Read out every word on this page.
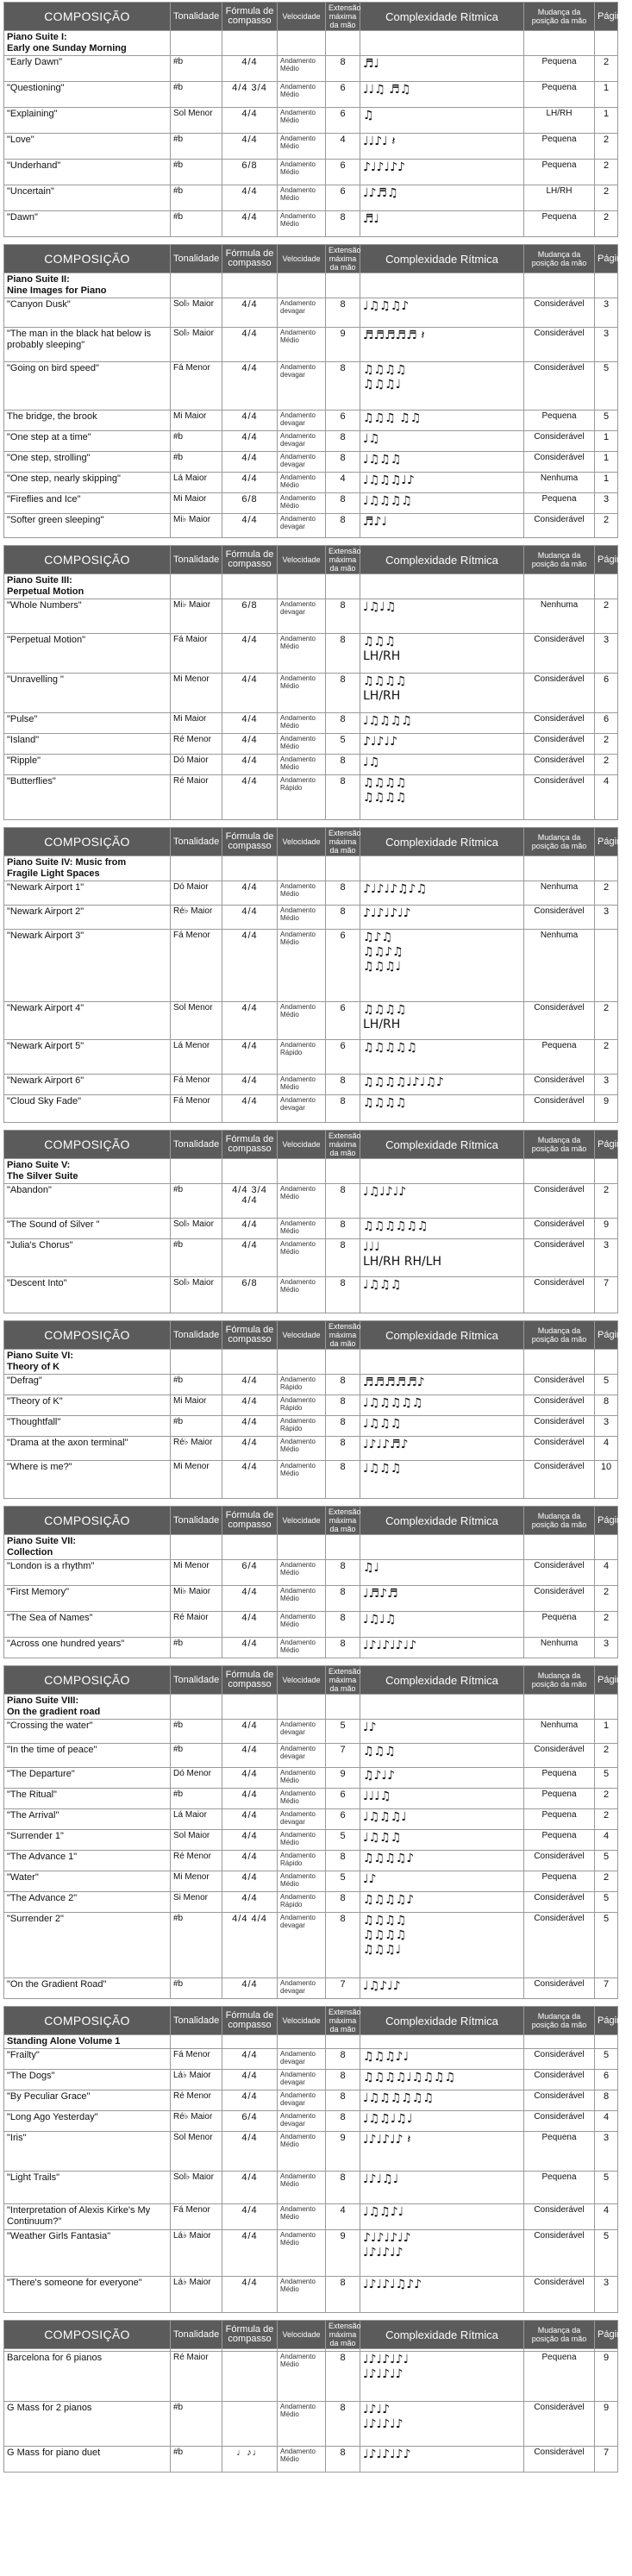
COMPOSIÇÃO	Tonalidade	Fórmula de compasso	Velocidade	Extensão máxima da mão	Complexidade Rítmica	Mudança da posição da mão	Páginas
Piano Suite I:
Early one Sunday Morning							
"Early Dawn"	#b	4/4	Andamento Médio	8	♬♩	Pequena	2
"Questioning"	#b	4/4 3/4	Andamento Médio	6	♩♩♫ ♬♫	Pequena	1
"Explaining"	Sol Menor	4/4	Andamento Médio	6	♫	LH/RH	1
"Love"	#b	4/4	Andamento Médio	4	♩♩♪♩ 𝄽	Pequena	2
"Underhand"	#b	6/8	Andamento Médio	6	♪♩♪♩♪♪	Pequena	2
"Uncertain"	#b	4/4	Andamento Médio	6	♩♪♬♫	LH/RH	2
"Dawn"	#b	4/4	Andamento Médio	8	♬♩	Pequena	2
COMPOSIÇÃO	Tonalidade	Fórmula de compasso	Velocidade	Extensão máxima da mão	Complexidade Rítmica	Mudança da posição da mão	Páginas
Piano Suite II:
Nine Images for Piano							
"Canyon Dusk"	Sol♭ Maior	4/4	Andamento devagar	8	♩♫♫♫♪	Considerável	3
"The man in the black hat below is probably sleeping"	Sol♭ Maior	4/4	Andamento Médio	9	♬♬♬♬♬ 𝄽	Considerável	3
"Going on bird speed"	Fá Menor	4/4	Andamento devagar	8	♫♫♫♫
♫♫♫♩	Considerável	5
The bridge, the brook	Mi Maior	4/4	Andamento devagar	6	♫♫♫ ♫♫	Pequena	5
"One step at a time"	#b	4/4	Andamento devagar	8	♩♫	Considerável	1
"One step, strolling"	#b	4/4	Andamento devagar	8	♩♫♫♫	Considerável	1
"One step, nearly skipping"	Lá Maior	4/4	Andamento Médio	4	♩♫♫♫♩♪	Nenhuma	1
"Fireflies and Ice"	Mi Maior	6/8	Andamento Médio	8	♩♫♫♫♫	Pequena	3
"Softer green sleeping"	Mi♭ Maior	4/4	Andamento devagar	8	♬♪♩	Considerável	2
COMPOSIÇÃO	Tonalidade	Fórmula de compasso	Velocidade	Extensão máxima da mão	Complexidade Rítmica	Mudança da posição da mão	Páginas
Piano Suite III:
Perpetual Motion							
"Whole Numbers"	Mi♭ Maior	6/8	Andamento devagar	8	♩♫♩♫	Nenhuma	2
"Perpetual Motion"	Fá Maior	4/4	Andamento Médio	8	♫♫♫
LH/RH	Considerável	3
"Unravelling "	Mi Menor	4/4	Andamento Médio	8	♫♫♫♫
LH/RH	Considerável	6
"Pulse"	Mi Maior	4/4	Andamento Médio	8	♩♫♫♫♫	Considerável	6
"Island"	Ré Menor	4/4	Andamento Médio	5	♪♩♪♩♪	Considerável	2
"Ripple"	Dó Maior	4/4	Andamento Médio	8	♩♫	Considerável	2
"Butterflies"	Ré Maior	4/4	Andamento Rápido	8	♫♫♫♫
♫♫♫♫	Considerável	4
COMPOSIÇÃO	Tonalidade	Fórmula de compasso	Velocidade	Extensão máxima da mão	Complexidade Rítmica	Mudança da posição da mão	Páginas
Piano Suite IV: Music from
Fragile Light Spaces							
"Newark Airport 1"	Dó Maior	4/4	Andamento Médio	8	♪♩♪♩♪♫♪♫	Nenhuma	2
"Newark Airport 2"	Ré♭ Maior	4/4	Andamento Médio	8	♪♩♪♩♪♩♪	Considerável	3
"Newark Airport 3"	Fá Menor	4/4	Andamento Médio	6	♫♪♫
♫♫♪♫
♫♫♫♩	Nenhuma	
"Newark Airport 4"	Sol Menor	4/4	Andamento Médio	6	♫♫♫♫
LH/RH	Considerável	2
"Newark Airport 5"	Lá Menor	4/4	Andamento Rápido	6	♫♫♫♫♫	Pequena	2
"Newark Airport 6"	Fá Menor	4/4	Andamento Médio	8	♫♫♫♫♩♪♩♫♪	Considerável	3
"Cloud Sky Fade"	Fá Menor	4/4	Andamento devagar	8	♫♫♫♫	Considerável	9
COMPOSIÇÃO	Tonalidade	Fórmula de compasso	Velocidade	Extensão máxima da mão	Complexidade Rítmica	Mudança da posição da mão	Páginas
Piano Suite V:
The Silver Suite							
"Abandon"	#b	4/4 3/4 4/4	Andamento Médio	8	♩♫♩♪♩♪	Considerável	2
"The Sound of Silver "	Sol♭ Maior	4/4	Andamento Médio	8	♫♫♫♫♫♫	Considerável	9
"Julia's Chorus"	#b	4/4	Andamento Médio	8	♩♩♩
LH/RH RH/LH	Considerável	3
"Descent Into"	Sol♭ Maior	6/8	Andamento Médio	8	♩♫♫♫	Considerável	7
COMPOSIÇÃO	Tonalidade	Fórmula de compasso	Velocidade	Extensão máxima da mão	Complexidade Rítmica	Mudança da posição da mão	Páginas
Piano Suite VI:
Theory of K							
"Defrag"	#b	4/4	Andamento Rápido	8	♬♬♬♬♬♪	Considerável	5
"Theory of K"	Mi Maior	4/4	Andamento Rápido	8	♩♫♫♫♫♫	Considerável	8
"Thoughtfall"	#b	4/4	Andamento Rápido	8	♩♫♫♫	Considerável	3
"Drama at the axon terminal"	Ré♭ Maior	4/4	Andamento Médio	8	♩♪♩♪♬♪	Considerável	4
"Where is me?"	Mi Menor	4/4	Andamento Médio	8	♩♫♫♫	Considerável	10
COMPOSIÇÃO	Tonalidade	Fórmula de compasso	Velocidade	Extensão máxima da mão	Complexidade Rítmica	Mudança da posição da mão	Páginas
Piano Suite VII:
Collection							
"London is a rhythm"	Mi Menor	6/4	Andamento Médio	8	♫♩	Considerável	4
"First Memory"	Mi♭ Maior	4/4	Andamento Médio	8	♩♬♪♬	Considerável	2
"The Sea of Names"	Ré Maior	4/4	Andamento Médio	8	♩♫♩♫	Pequena	2
"Across one hundred years"	#b	4/4	Andamento Médio	8	♩♪♩♪♩♪♩♪	Nenhuma	3
COMPOSIÇÃO	Tonalidade	Fórmula de compasso	Velocidade	Extensão máxima da mão	Complexidade Rítmica	Mudança da posição da mão	Páginas
Piano Suite VIII:
On the gradient road							
"Crossing the water"	#b	4/4	Andamento devagar	5	♩♪	Nenhuma	1
"In the time of peace"	#b	4/4	Andamento devagar	7	♫♫♫	Considerável	2
"The Departure"	Dó Menor	4/4	Andamento Médio	9	♫♪♩♪	Pequena	5
"The Ritual"	#b	4/4	Andamento Médio	6	♩♩♩♫	Pequena	2
"The Arrival"	Lá Maior	4/4	Andamento devagar	6	♩♫♫♫♩	Pequena	2
"Surrender 1"	Sol Maior	4/4	Andamento Médio	5	♩♫♫♫	Pequena	4
"The Advance 1"	Ré Menor	4/4	Andamento Rápido	8	♫♫♫♫♪	Considerável	5
"Water"	Mi Menor	4/4	Andamento Médio	5	♩♪	Pequena	2
"The Advance 2"	Si Menor	4/4	Andamento Rápido	8	♫♫♫♫♪	Considerável	5
"Surrender 2"	#b	4/4 4/4	Andamento devagar	8	♫♫♫♫
♫♫♫♫
♫♫♫♩	Considerável	5
"On the Gradient Road"	#b	4/4	Andamento devagar	7	♩♫♪♩♪	Considerável	7
COMPOSIÇÃO	Tonalidade	Fórmula de compasso	Velocidade	Extensão máxima da mão	Complexidade Rítmica	Mudança da posição da mão	Páginas
Standing Alone Volume 1							
"Frailty"	Fá Menor	4/4	Andamento devagar	8	♫♫♫♪♩	Considerável	5
"The Dogs"	Lá♭ Maior	4/4	Andamento devagar	8	♫♫♫♫♩♫♫♫♫	Considerável	6
"By Peculiar Grace"	Ré Menor	4/4	Andamento devagar	8	♩♫♫♫♫♫♫	Considerável	8
"Long Ago Yesterday"	Ré♭ Maior	6/4	Andamento devagar	8	♩♫♫♩♫♩	Considerável	4
"Iris"	Sol Menor	4/4	Andamento Médio	9	♩♪♩♪♩♪ 𝄽	Pequena	3
"Light Trails"	Sol♭ Maior	4/4	Andamento Médio	8	♩♪♩♫♩	Pequena	5
"Interpretation of Alexis Kirke's My Continuum?"	Fá Menor	4/4	Andamento Médio	4	♩♫♫♪♩	Considerável	4
"Weather Girls Fantasia"	Lá♭ Maior	4/4	Andamento Médio	9	♪♩♪♩♪♩♪
♩♪♩♪♩♪	Considerável	5
"There's someone for everyone"	Lá♭ Maior	4/4	Andamento Médio	8	♩♪♩♪♩♫♪♪	Considerável	3
COMPOSIÇÃO	Tonalidade	Fórmula de compasso	Velocidade	Extensão máxima da mão	Complexidade Rítmica	Mudança da posição da mão	Páginas

Barcelona for 6 pianos	Ré Maior		Andamento Médio	8	♩♪♩♪♩♪♩
♩♪♩♪♩♪	Pequena	9
G Mass for 2 pianos	#b		Andamento Médio	8	♩♪♩♪
♩♪♩♪♩♪	Considerável	9
G Mass for piano duet	#b	♩♪♩	Andamento Médio	8	♩♪♩♪♩♪♪	Considerável	7
